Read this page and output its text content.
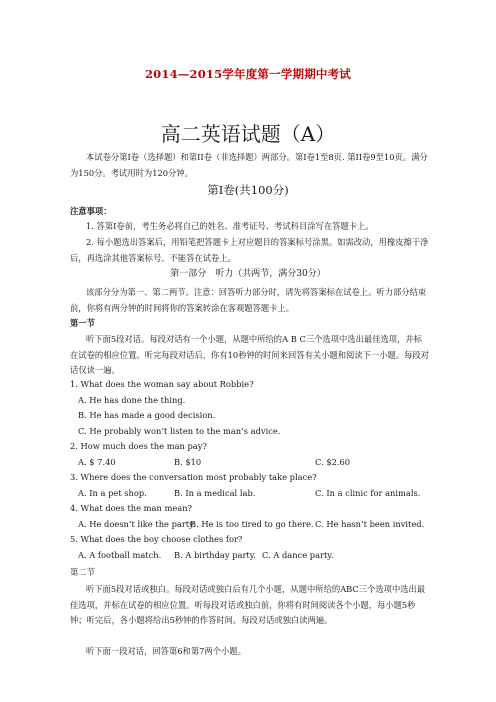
2014—2015学年度第一学期期中考试
高二英语试题（A）
本试卷分第I卷（选择题）和第II卷（非选择题）两部分。第I卷1至8页. 第II卷9至10页。满分为150分。考试用时为120分钟。
第I卷(共100分)
注意事项：
1. 答第I卷前，考生务必将自己的姓名、准考证号、考试科目涂写在答题卡上。
2. 每小题选出答案后，用铅笔把答题卡上对应题目的答案标号涂黑。如需改动，用橡皮擦干净后，再选涂其他答案标号。不能答在试卷上。
第一部分　听力（共两节，满分30分）
该部分分为第一、第二两节。注意：回答听力部分时，请先将答案标在试卷上。听力部分结束前，你将有两分钟的时间将你的答案转涂在客观题答题卡上。
第一节
听下面5段对话。每段对话有一个小题，从题中所给的A B C三个选项中选出最佳选项，并标在试卷的相应位置。听完每段对话后，你有10秒钟的时间来回答有关小题和阅读下一小题。每段对话仅读一遍。
1. What does the woman say about Robbie?
A. He has done the thing.
B. He has made a good decision.
C. He probably won’t listen to the man’s advice.
2. How much does the man pay?
A. $ 7.40	B. $10	C. $2.60
3. Where does the conversation most probably take place?
A. In a pet shop.	B. In a medical lab.	C. In a clinic for animals.
4. What does the man mean?
A. He doesn’t like the party.
B. He is too tired to go there. C. He hasn’t been invited.
5. What does the boy choose clothes for?
A. A football match. B. A birthday party. C. A dance party.
第二节
听下面5段对话或独白。每段对话或独白后有几个小题，从题中所给的ABC三个选项中选出最佳选项，并标在试卷的相应位置。听每段对话或独白前，你将有时间阅读各个小题，每小题5秒钟；听完后，各小题将给出5秒钟的作答时间。每段对话或独白读两遍。
听下面一段对话，回答第6和第7两个小题。
